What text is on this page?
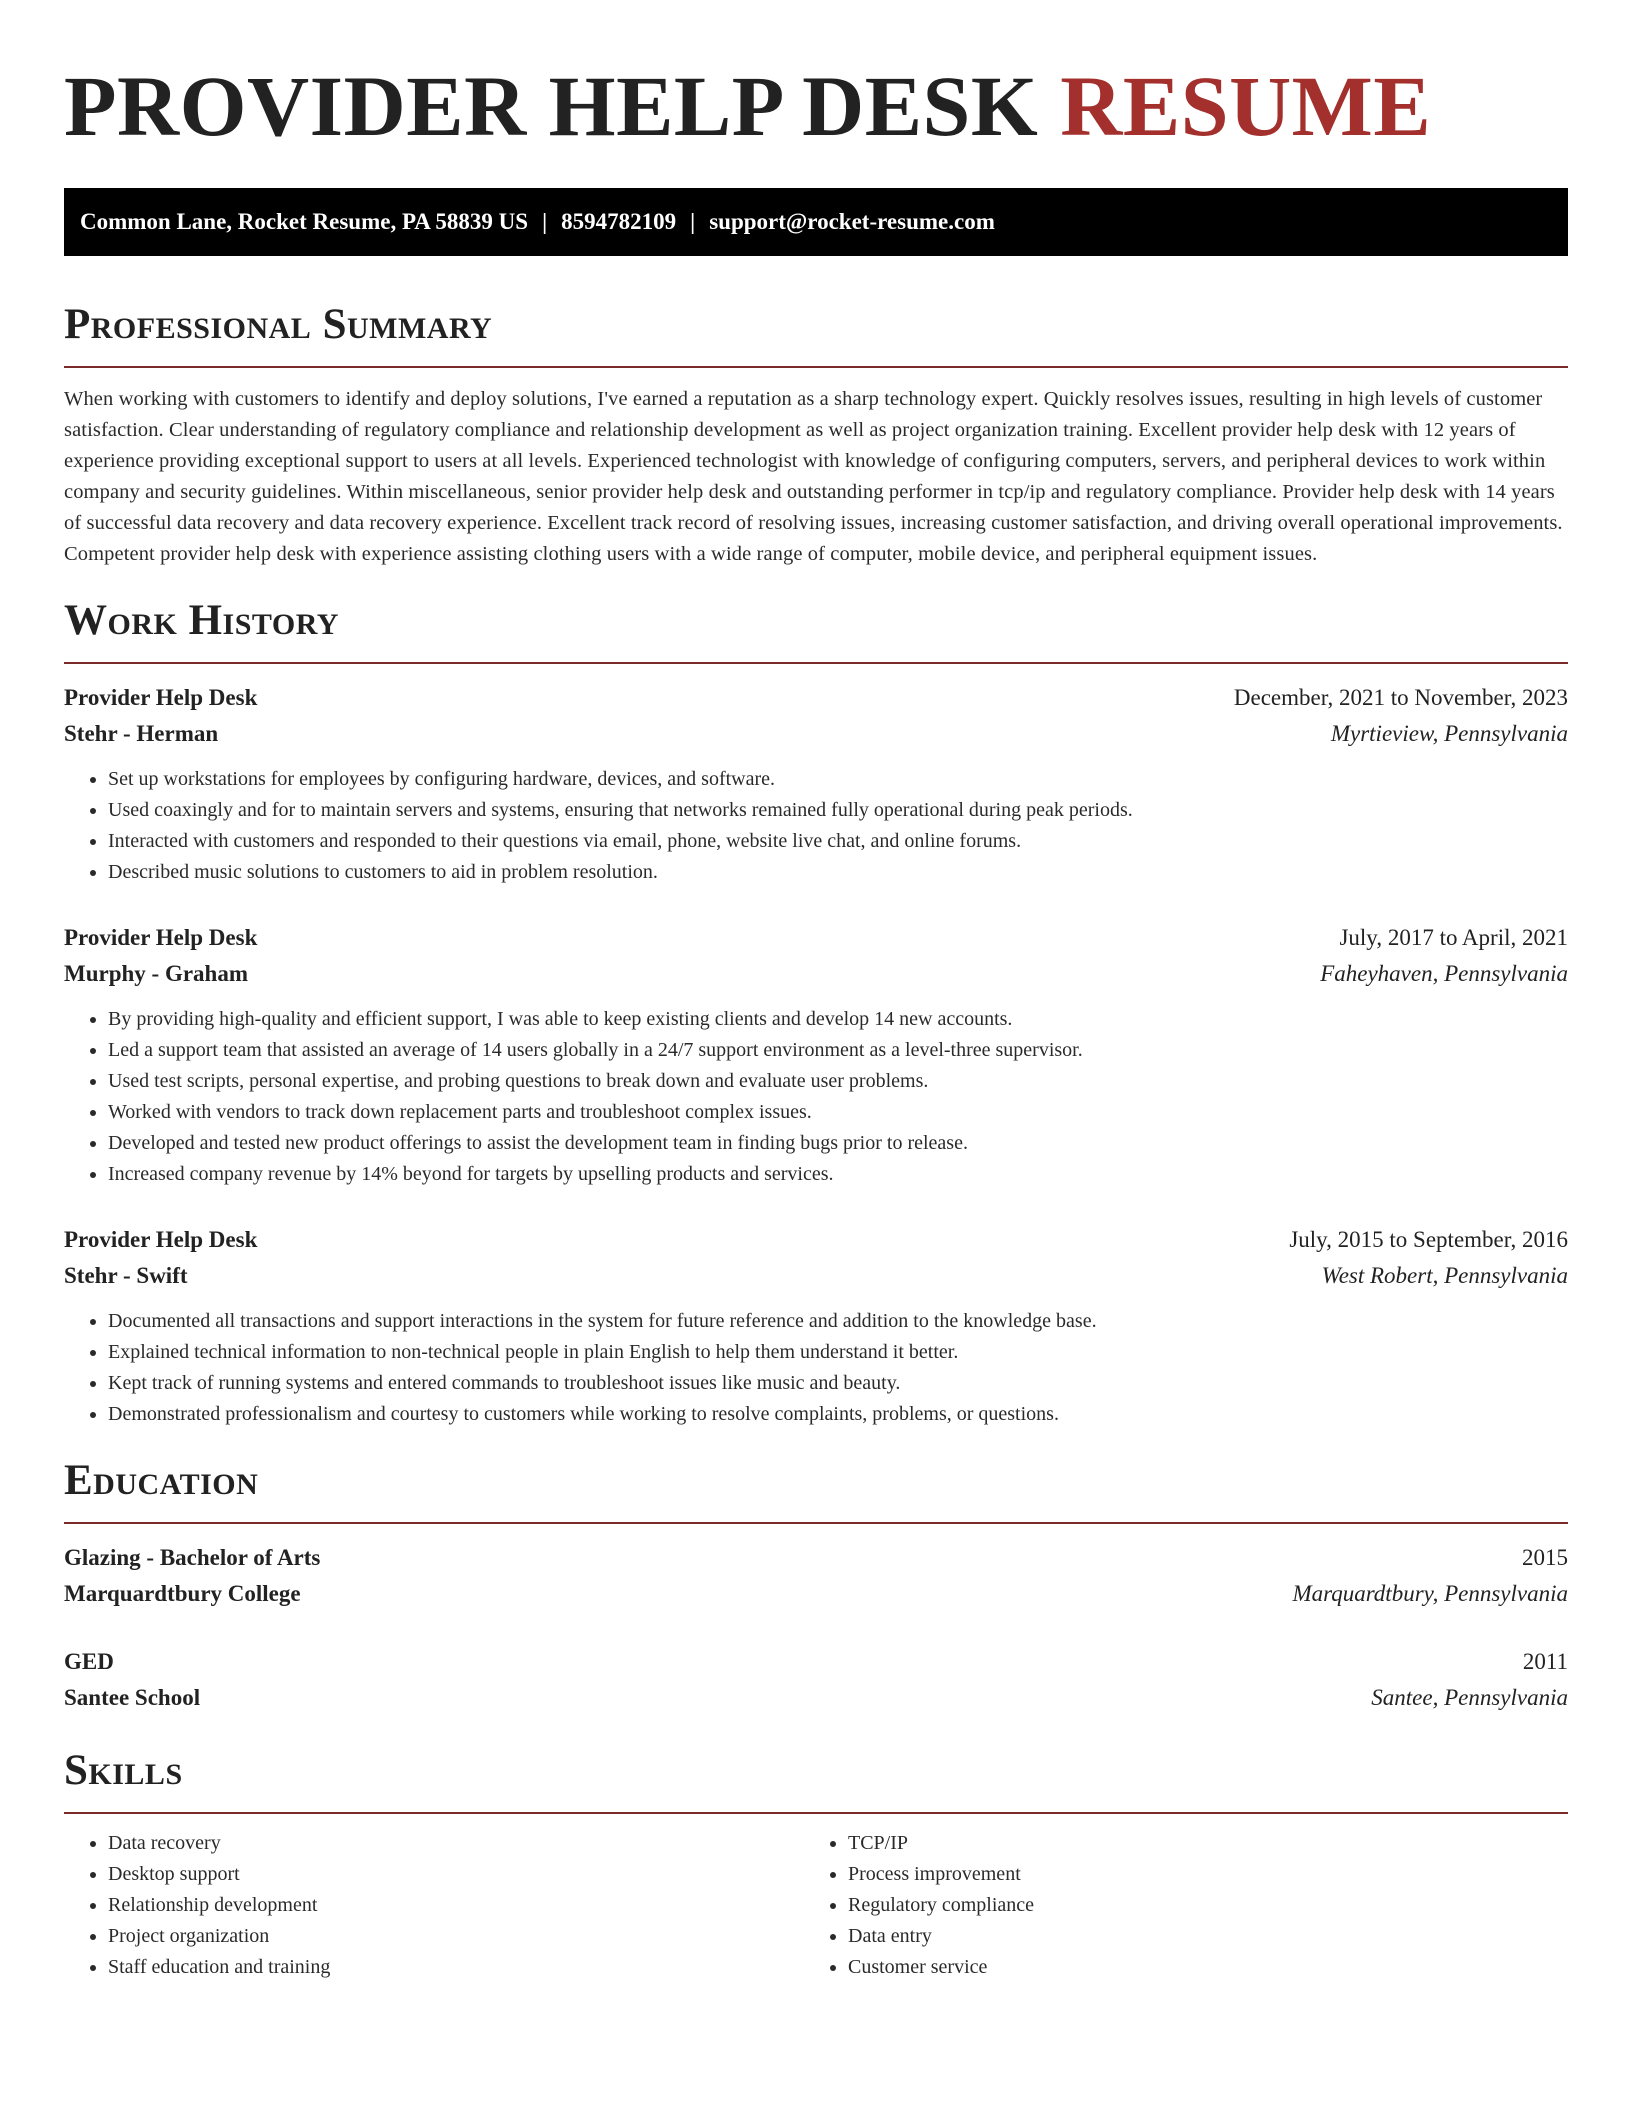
PROVIDER HELP DESK RESUME
Common Lane, Rocket Resume, PA 58839 US | 8594782109 | support@rocket-resume.com
Professional Summary

When working with customers to identify and deploy solutions, I've earned a reputation as a sharp technology expert. Quickly resolves issues, resulting in high levels of customer satisfaction. Clear understanding of regulatory compliance and relationship development as well as project organization training. Excellent provider help desk with 12 years of experience providing exceptional support to users at all levels. Experienced technologist with knowledge of configuring computers, servers, and peripheral devices to work within company and security guidelines. Within miscellaneous, senior provider help desk and outstanding performer in tcp/ip and regulatory compliance. Provider help desk with 14 years of successful data recovery and data recovery experience. Excellent track record of resolving issues, increasing customer satisfaction, and driving overall operational improvements. Competent provider help desk with experience assisting clothing users with a wide range of computer, mobile device, and peripheral equipment issues.

Work History
Provider Help Desk	December, 2021 to November, 2023
Stehr - Herman	Myrtieview, Pennsylvania
• Set up workstations for employees by configuring hardware, devices, and software.
• Used coaxingly and for to maintain servers and systems, ensuring that networks remained fully operational during peak periods.
• Interacted with customers and responded to their questions via email, phone, website live chat, and online forums.
• Described music solutions to customers to aid in problem resolution.
Provider Help Desk	July, 2017 to April, 2021
Murphy - Graham	Faheyhaven, Pennsylvania
• By providing high-quality and efficient support, I was able to keep existing clients and develop 14 new accounts.
• Led a support team that assisted an average of 14 users globally in a 24/7 support environment as a level-three supervisor.
• Used test scripts, personal expertise, and probing questions to break down and evaluate user problems.
• Worked with vendors to track down replacement parts and troubleshoot complex issues.
• Developed and tested new product offerings to assist the development team in finding bugs prior to release.
• Increased company revenue by 14% beyond for targets by upselling products and services.
Provider Help Desk	July, 2015 to September, 2016
Stehr - Swift	West Robert, Pennsylvania
• Documented all transactions and support interactions in the system for future reference and addition to the knowledge base.
• Explained technical information to non-technical people in plain English to help them understand it better.
• Kept track of running systems and entered commands to troubleshoot issues like music and beauty.
• Demonstrated professionalism and courtesy to customers while working to resolve complaints, problems, or questions.
Education
Glazing - Bachelor of Arts	2015
Marquardtbury College	Marquardtbury, Pennsylvania
GED	2011
Santee School	Santee, Pennsylvania
Skills
• Data recovery
• Desktop support
• Relationship development
• Project organization
• Staff education and training
• TCP/IP
• Process improvement
• Regulatory compliance
• Data entry
• Customer service
